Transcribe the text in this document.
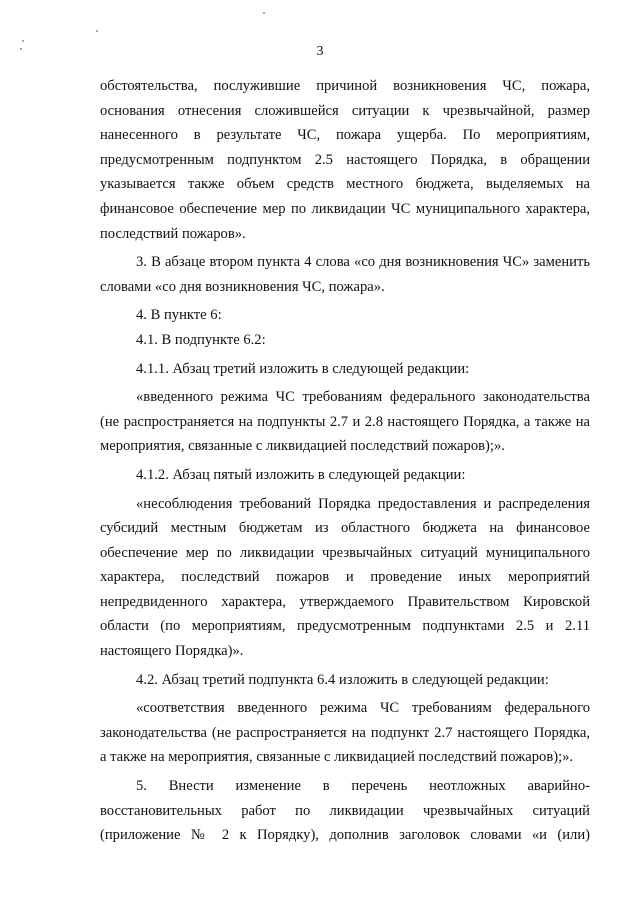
3

обстоятельства, послужившие причиной возникновения ЧС, пожара, основания отнесения сложившейся ситуации к чрезвычайной, размер нанесенного в результате ЧС, пожара ущерба. По мероприятиям, предусмотренным подпунктом 2.5 настоящего Порядка, в обращении указывается также объем средств местного бюджета, выделяемых на финансовое обеспечение мер по ликвидации ЧС муниципального характера, последствий пожаров».

3. В абзаце втором пункта 4 слова «со дня возникновения ЧС» заменить словами «со дня возникновения ЧС, пожара».

4. В пункте 6:

4.1. В подпункте 6.2:

4.1.1. Абзац третий изложить в следующей редакции:

«введенного режима ЧС требованиям федерального законодательства (не распространяется на подпункты 2.7 и 2.8 настоящего Порядка, а также на мероприятия, связанные с ликвидацией последствий пожаров);».

4.1.2. Абзац пятый изложить в следующей редакции:

«несоблюдения требований Порядка предоставления и распределения субсидий местным бюджетам из областного бюджета на финансовое обеспечение мер по ликвидации чрезвычайных ситуаций муниципального характера, последствий пожаров и проведение иных мероприятий непредвиденного характера, утверждаемого Правительством Кировской области (по мероприятиям, предусмотренным подпунктами 2.5 и 2.11 настоящего Порядка)».

4.2. Абзац третий подпункта 6.4 изложить в следующей редакции:

«соответствия введенного режима ЧС требованиям федерального законодательства (не распространяется на подпункт 2.7 настоящего Порядка, а также на мероприятия, связанные с ликвидацией последствий пожаров);».

5. Внести изменение в перечень неотложных аварийно-восстановительных работ по ликвидации чрезвычайных ситуаций (приложение № 2 к Порядку), дополнив заголовок словами «и (или)
